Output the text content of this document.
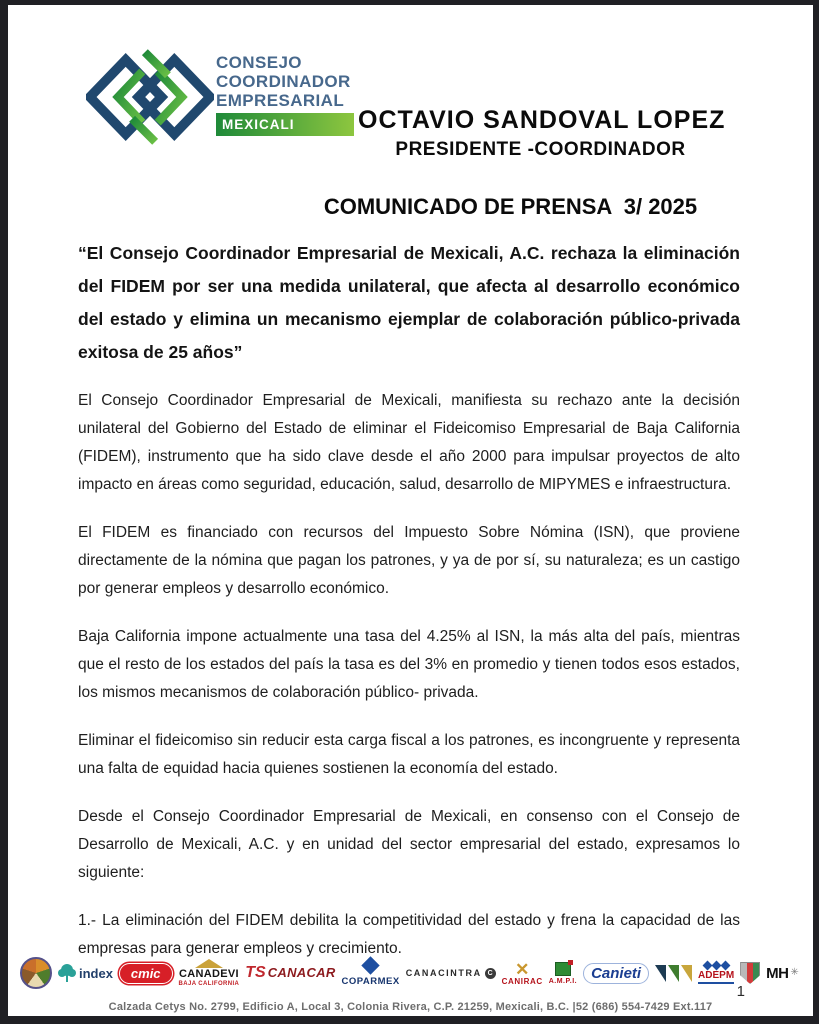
CONSEJO
COORDINADOR
EMPRESARIAL
MEXICALI	OCTAVIO SANDOVAL LOPEZ
PRESIDENTE -COORDINADOR
COMUNICADO DE PRENSA  3/ 2025

“El Consejo Coordinador Empresarial de Mexicali, A.C. rechaza la eliminación del FIDEM por ser una medida unilateral, que afecta al desarrollo económico del estado y elimina un mecanismo ejemplar de colaboración público-privada exitosa de 25 años”

El Consejo Coordinador Empresarial de Mexicali, manifiesta su rechazo ante la decisión unilateral del Gobierno del Estado de eliminar el Fideicomiso Empresarial de Baja California (FIDEM), instrumento que ha sido clave desde el año 2000 para impulsar proyectos de alto impacto en áreas como seguridad, educación, salud, desarrollo de MIPYMES e infraestructura.

El FIDEM es financiado con recursos del Impuesto Sobre Nómina (ISN), que proviene directamente de la nómina que pagan los patrones, y ya de por sí, su naturaleza; es un castigo por generar empleos y desarrollo económico.

Baja California impone actualmente una tasa del 4.25% al ISN, la más alta del país, mientras que el resto de los estados del país la tasa es del 3% en promedio y tienen todos esos estados, los mismos mecanismos de colaboración público- privada.

Eliminar el fideicomiso sin reducir esta carga fiscal a los patrones, es incongruente y representa una falta de equidad hacia quienes sostienen la economía del estado.

Desde el Consejo Coordinador Empresarial de Mexicali, en consenso con el Consejo de Desarrollo de Mexicali, A.C. y en unidad del sector empresarial del estado, expresamos lo siguiente:

1.- La eliminación del FIDEM debilita la competitividad del estado y frena la capacidad de las empresas para generar empleos y crecimiento.

index	cmic	CANADEVI
BAJA CALIFORNIA
TS CANACAR
COPARMEX
CANACINTRA C ✕
CANIRAC A.M.P.I. Canieti	ADEPM MH ✳
1
Calzada Cetys No. 2799, Edificio A, Local 3, Colonia Rivera, C.P. 21259, Mexicali, B.C. |52 (686) 554-7429 Ext.117
